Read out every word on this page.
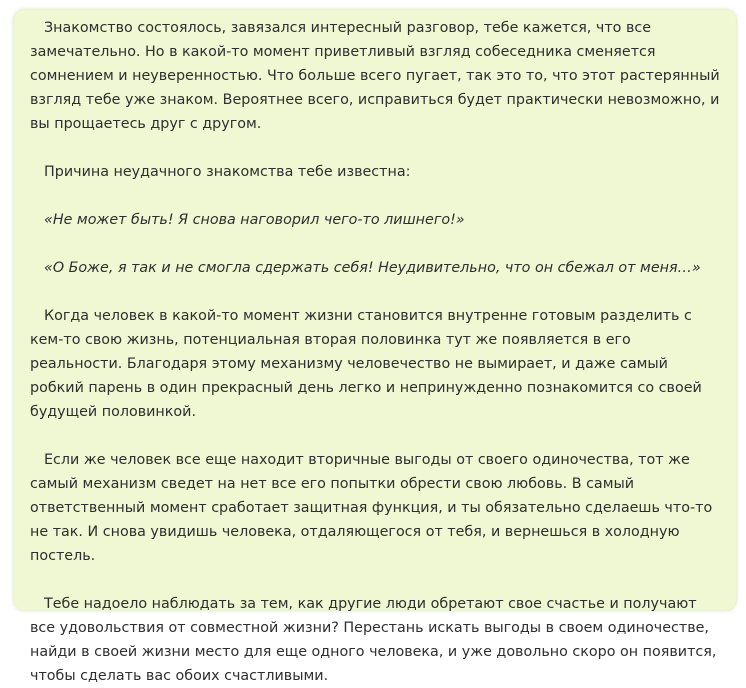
Знакомство состоялось, завязался интересный разговор, тебе кажется, что все замечательно. Но в какой-то момент приветливый взгляд собеседника сменяется сомнением и неуверенностью. Что больше всего пугает, так это то, что этот растерянный взгляд тебе уже знаком. Вероятнее всего, исправиться будет практически невозможно, и вы прощаетесь друг с другом.

Причина неудачного знакомства тебе известна:

«Не может быть! Я снова наговорил чего-то лишнего!»

«О Боже, я так и не смогла сдержать себя! Неудивительно, что он сбежал от меня…»

Когда человек в какой-то момент жизни становится внутренне готовым разделить с кем-то свою жизнь, потенциальная вторая половинка тут же появляется в его реальности. Благодаря этому механизму человечество не вымирает, и даже самый робкий парень в один прекрасный день легко и непринужденно познакомится со своей будущей половинкой.

Если же человек все еще находит вторичные выгоды от своего одиночества, тот же самый механизм сведет на нет все его попытки обрести свою любовь. В самый ответственный момент сработает защитная функция, и ты обязательно сделаешь что-то не так. И снова увидишь человека, отдаляющегося от тебя, и вернешься в холодную постель.

Тебе надоело наблюдать за тем, как другие люди обретают свое счастье и получают все удовольствия от совместной жизни? Перестань искать выгоды в своем одиночестве, найди в своей жизни место для еще одного человека, и уже довольно скоро он появится, чтобы сделать вас обоих счастливыми.
